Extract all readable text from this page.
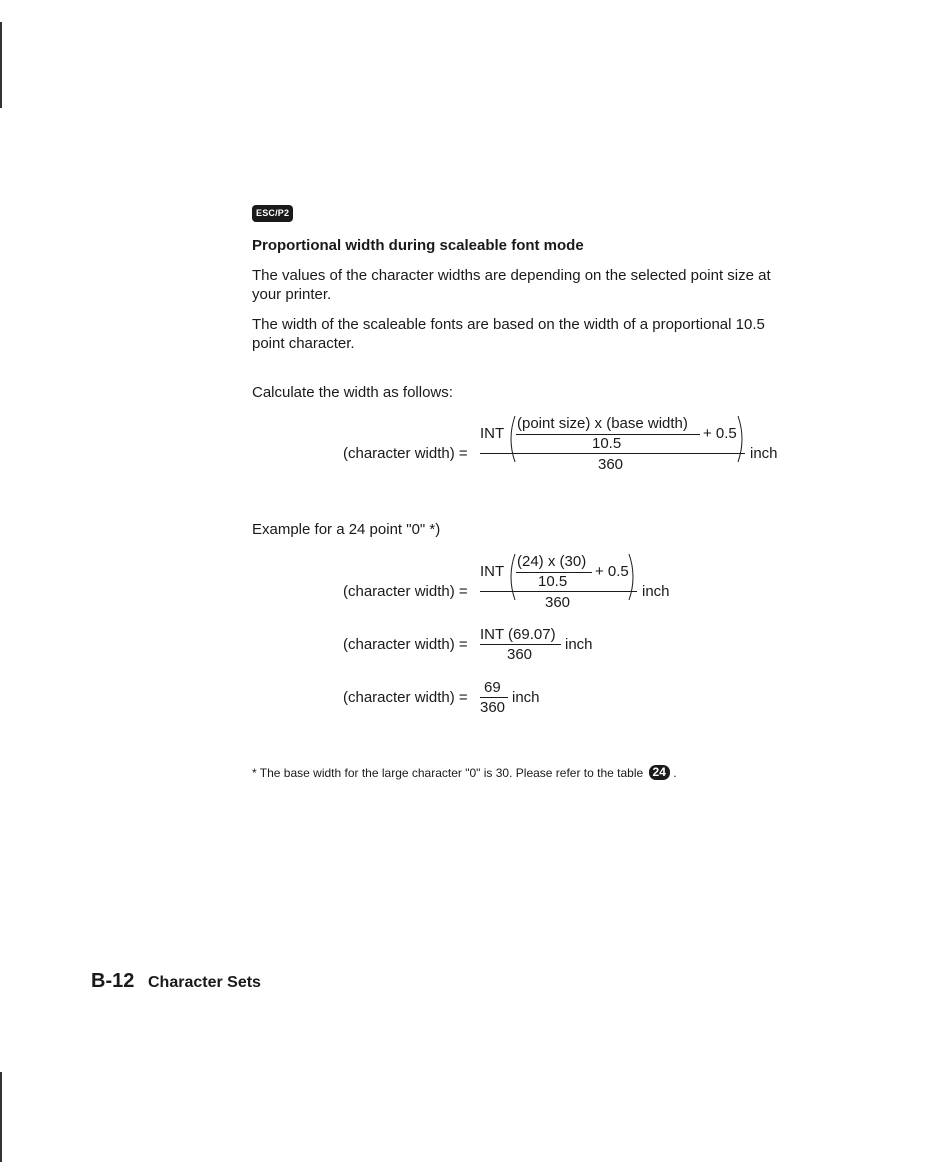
ESC/P2
Proportional width during scaleable font mode

The values of the character widths are depending on the selected point size at your printer.

The width of the scaleable fonts are based on the width of a proportional 10.5 point character.

Calculate the width as follows:

(character width) =
INT
(point size) x (base width)
10.5
+ 0.5
360
inch

Example for a 24 point "0" *)

(character width) =
INT
(24) x (30)
10.5
+ 0.5
360
inch
(character width) =
INT (69.07)
360
inch
(character width) =
69
360
inch
* The base width for the large character "0" is 30. Please refer to the table 24 .
B-12 Character Sets
